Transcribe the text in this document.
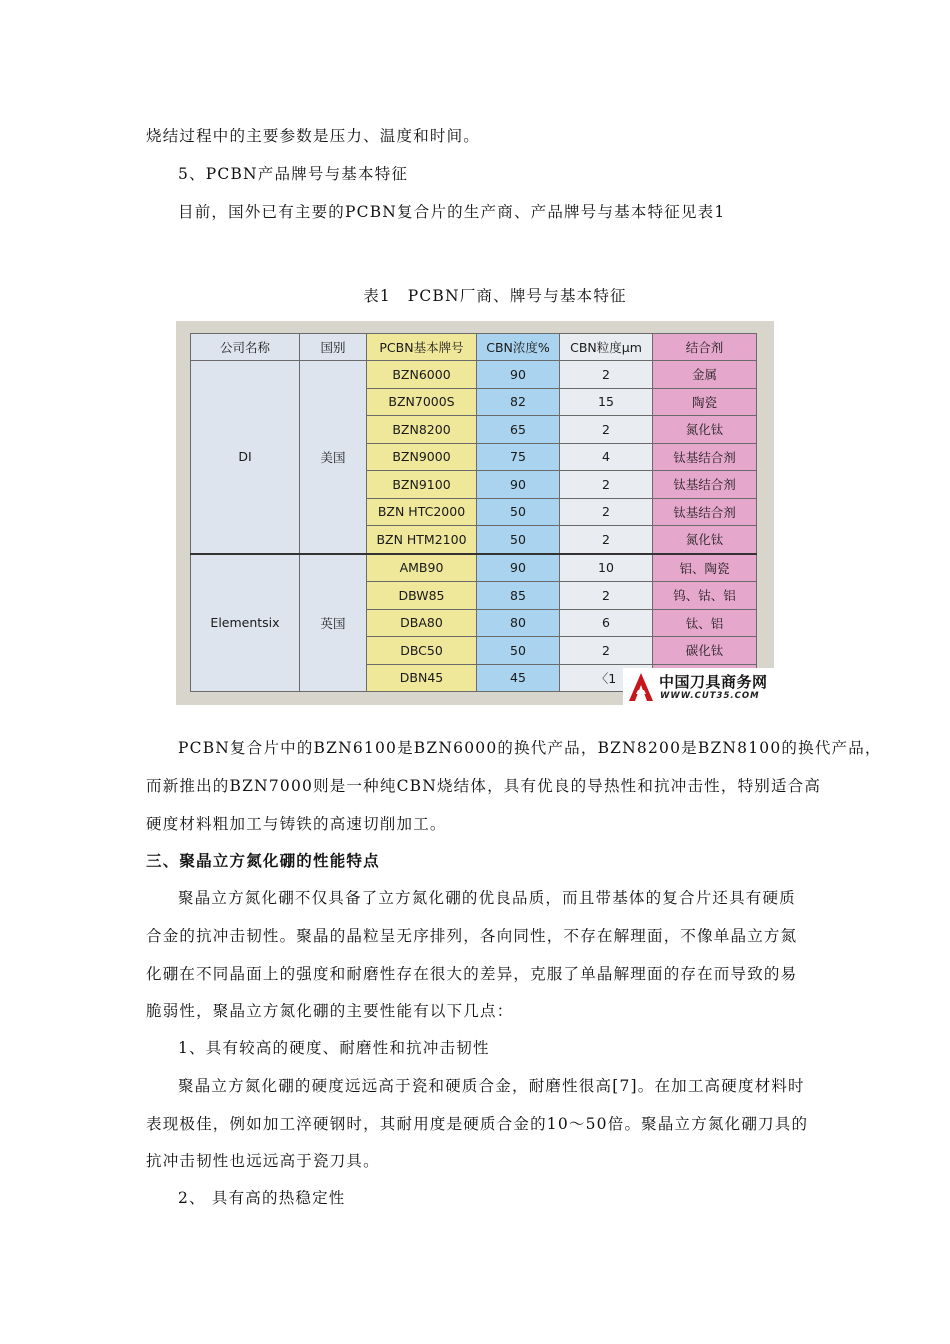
烧结过程中的主要参数是压力、温度和时间。
5、PCBN产品牌号与基本特征
目前，国外已有主要的PCBN复合片的生产商、产品牌号与基本特征见表1
表1　PCBN厂商、牌号与基本特征
公司名称	国别	PCBN基本牌号	CBN浓度%	CBN粒度μm	结合剂
DI	美国	BZN6000	90	2	金属
		BZN7000S	82	15	陶瓷
		BZN8200	65	2	氮化钛
		BZN9000	75	4	钛基结合剂
		BZN9100	90	2	钛基结合剂
		BZN HTC2000	50	2	钛基结合剂
		BZN HTM2100	50	2	氮化钛
Elementsix	英国	AMB90	90	10	铝、陶瓷
		DBW85	85	2	钨、钴、铝
		DBA80	80	6	钛、铝
		DBC50	50	2	碳化钛
		DBN45	45	〈1		中国刀具商务网
WWW.CUT35.COM
PCBN复合片中的BZN6100是BZN6000的换代产品，BZN8200是BZN8100的换代产品，
而新推出的BZN7000则是一种纯CBN烧结体，具有优良的导热性和抗冲击性，特别适合高
硬度材料粗加工与铸铁的高速切削加工。
三、聚晶立方氮化硼的性能特点
聚晶立方氮化硼不仅具备了立方氮化硼的优良品质，而且带基体的复合片还具有硬质
合金的抗冲击韧性。聚晶的晶粒呈无序排列，各向同性，不存在解理面，不像单晶立方氮
化硼在不同晶面上的强度和耐磨性存在很大的差异，克服了单晶解理面的存在而导致的易
脆弱性，聚晶立方氮化硼的主要性能有以下几点：
1、具有较高的硬度、耐磨性和抗冲击韧性
聚晶立方氮化硼的硬度远远高于瓷和硬质合金，耐磨性很高[7]。在加工高硬度材料时
表现极佳，例如加工淬硬钢时，其耐用度是硬质合金的10～50倍。聚晶立方氮化硼刀具的
抗冲击韧性也远远高于瓷刀具。
2、 具有高的热稳定性
